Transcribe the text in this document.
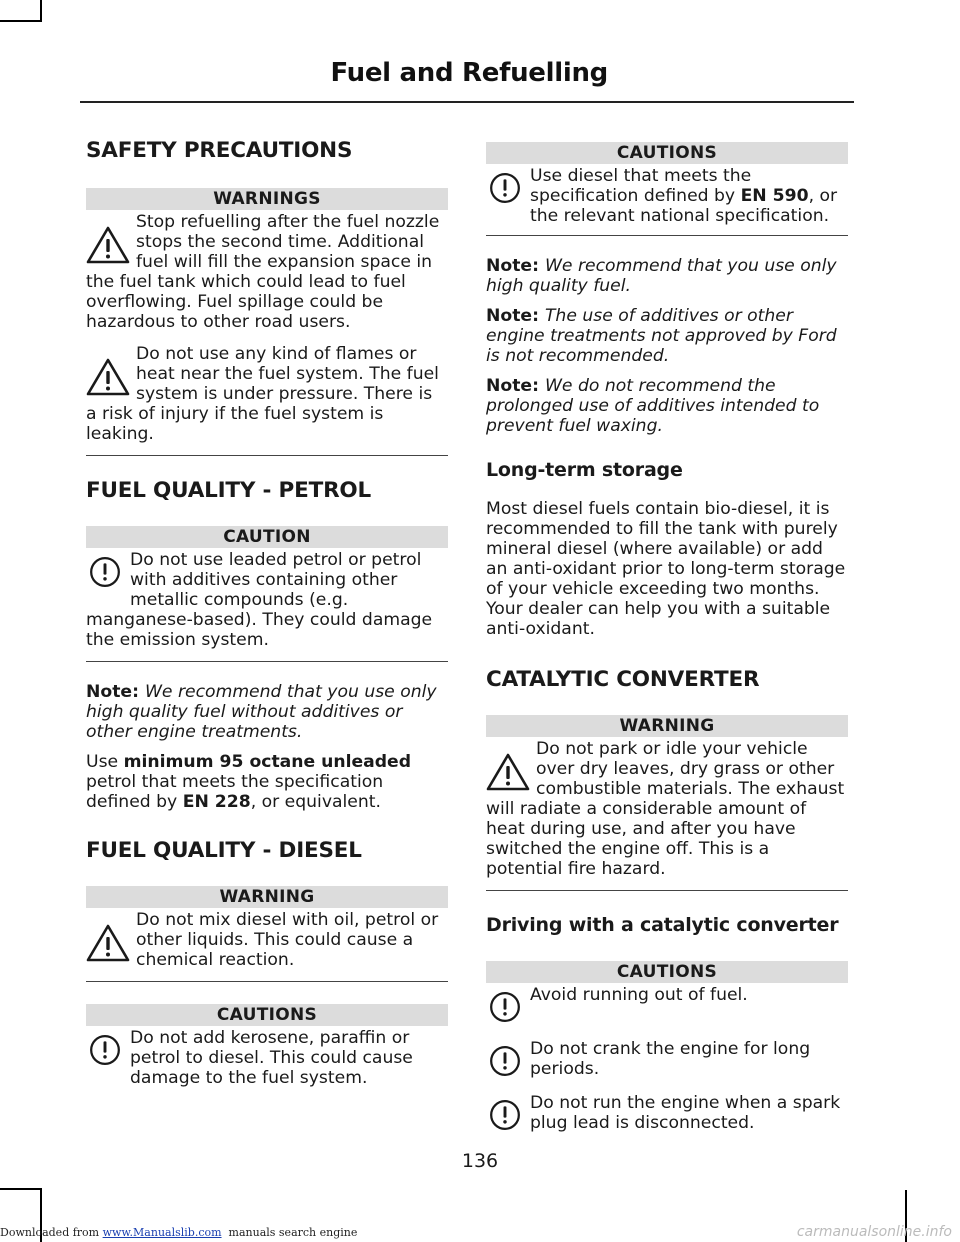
Fuel and Refuelling
SAFETY PRECAUTIONS
WARNINGS

Stop refuelling after the fuel nozzle stops the second time. Additional fuel will fill the expansion space in the fuel tank which could lead to fuel overflowing. Fuel spillage could be hazardous to other road users.

Do not use any kind of flames or heat near the fuel system. The fuel system is under pressure. There is a risk of injury if the fuel system is leaking.

FUEL QUALITY - PETROL
CAUTION

Do not use leaded petrol or petrol with additives containing other metallic compounds (e.g. manganese-based). They could damage the emission system.

Note: We recommend that you use only high quality fuel without additives or other engine treatments.

Use minimum 95 octane unleaded petrol that meets the specification defined by EN 228, or equivalent.

FUEL QUALITY - DIESEL
WARNING

Do not mix diesel with oil, petrol or other liquids. This could cause a chemical reaction.

CAUTIONS

Do not add kerosene, paraffin or petrol to diesel. This could cause damage to the fuel system.

CAUTIONS

Use diesel that meets the specification defined by EN 590, or the relevant national specification.

Note: We recommend that you use only high quality fuel.

Note: The use of additives or other engine treatments not approved by Ford is not recommended.

Note: We do not recommend the prolonged use of additives intended to prevent fuel waxing.

Long-term storage

Most diesel fuels contain bio-diesel, it is recommended to fill the tank with purely mineral diesel (where available) or add an anti-oxidant prior to long-term storage of your vehicle exceeding two months. Your dealer can help you with a suitable anti-oxidant.

CATALYTIC CONVERTER
WARNING

Do not park or idle your vehicle over dry leaves, dry grass or other combustible materials. The exhaust will radiate a considerable amount of heat during use, and after you have switched the engine off. This is a potential fire hazard.

Driving with a catalytic converter
CAUTIONS

Avoid running out of fuel.

Do not crank the engine for long periods.

Do not run the engine when a spark plug lead is disconnected.

136
Downloaded from www.Manualslib.com  manuals search engine	carmanualsonline.info
